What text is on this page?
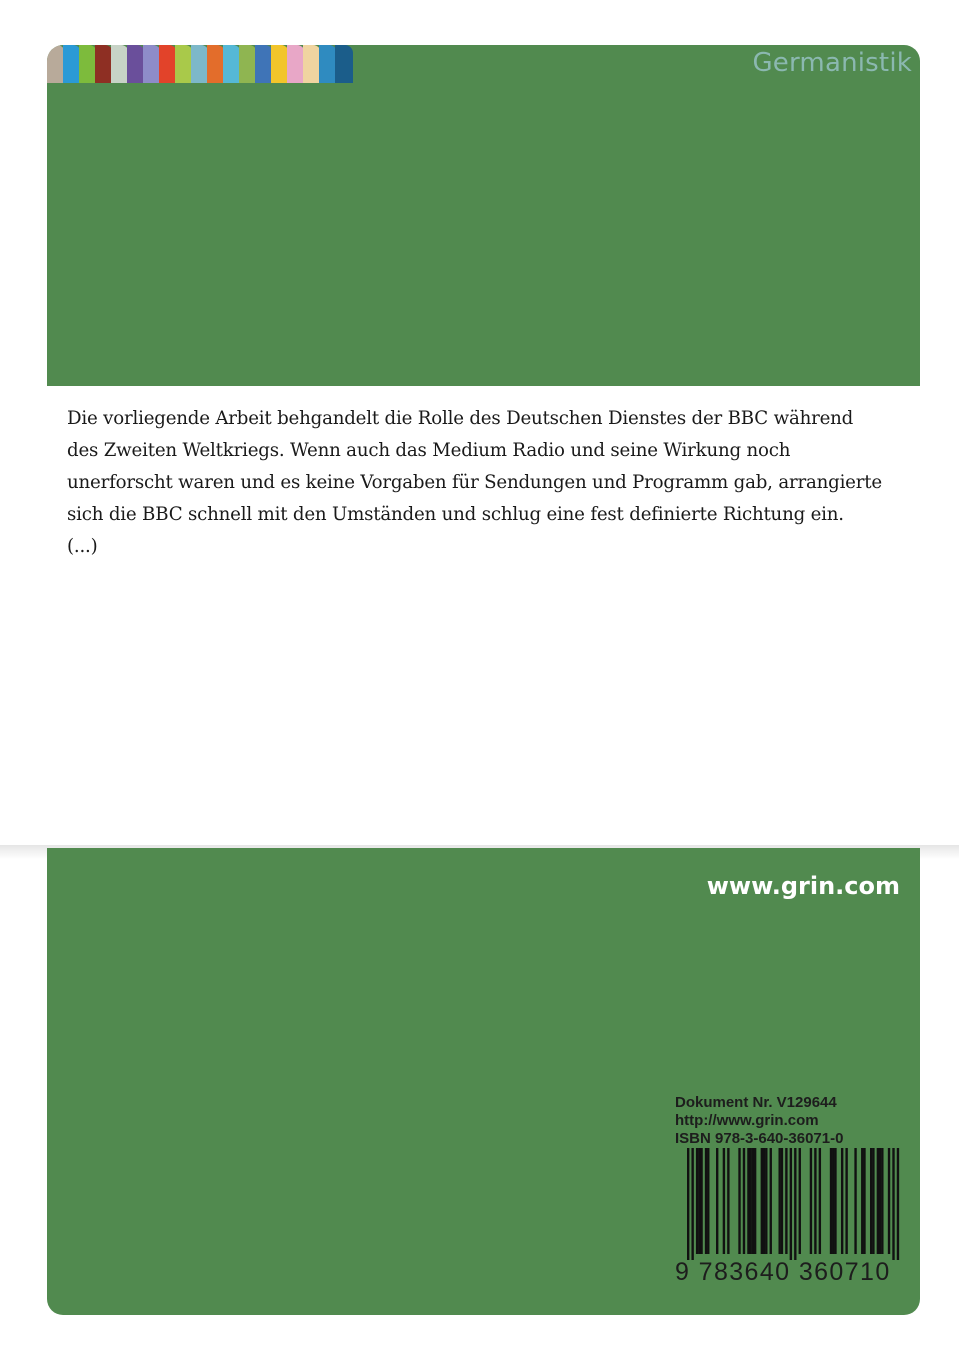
Germanistik

Die vorliegende Arbeit behgandelt die Rolle des Deutschen Dienstes der BBC während

des Zweiten Weltkriegs. Wenn auch das Medium Radio und seine Wirkung noch

unerforscht waren und es keine Vorgaben für Sendungen und Programm gab, arrangierte

sich die BBC schnell mit den Umständen und schlug eine fest definierte Richtung ein.

(...)

www.grin.com
Dokument Nr. V129644
http://www.grin.com
ISBN 978-3-640-36071-0
9 783640 360710
